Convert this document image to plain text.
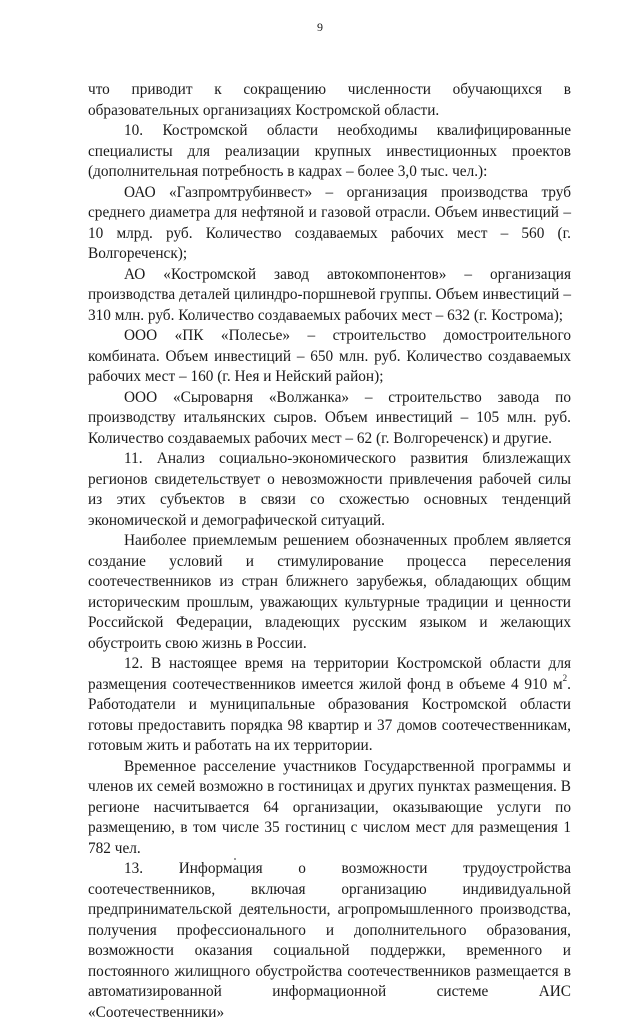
9

что приводит к сокращению численности обучающихся в образовательных организациях Костромской области.

10. Костромской области необходимы квалифицированные специалисты для реализации крупных инвестиционных проектов (дополнительная потребность в кадрах – более 3,0 тыс. чел.):

ОАО «Газпромтрубинвест» – организация производства труб среднего диаметра для нефтяной и газовой отрасли. Объем инвестиций – 10 млрд. руб. Количество создаваемых рабочих мест – 560 (г. Волгореченск);

АО «Костромской завод автокомпонентов» – организация производства деталей цилиндро-поршневой группы. Объем инвестиций – 310 млн. руб. Количество создаваемых рабочих мест – 632 (г. Кострома);

ООО «ПК «Полесье» – строительство домостроительного комбината. Объем инвестиций – 650 млн. руб. Количество создаваемых рабочих мест – 160 (г. Нея и Нейский район);

ООО «Сыроварня «Волжанка» – строительство завода по производству итальянских сыров. Объем инвестиций – 105 млн. руб. Количество создаваемых рабочих мест – 62 (г. Волгореченск) и другие.

11. Анализ социально-экономического развития близлежащих регионов свидетельствует о невозможности привлечения рабочей силы из этих субъектов в связи со схожестью основных тенденций экономической и демографической ситуаций.

Наиболее приемлемым решением обозначенных проблем является создание условий и стимулирование процесса переселения соотечественников из стран ближнего зарубежья, обладающих общим историческим прошлым, уважающих культурные традиции и ценности Российской Федерации, владеющих русским языком и желающих обустроить свою жизнь в России.

12. В настоящее время на территории Костромской области для размещения соотечественников имеется жилой фонд в объеме 4 910 $м^2$. Работодатели и муниципальные образования Костромской области готовы предоставить порядка 98 квартир и 37 домов соотечественникам, готовым жить и работать на их территории.

Временное расселение участников Государственной программы и членов их семей возможно в гостиницах и других пунктах размещения. В регионе насчитывается 64 организации, оказывающие услуги по размещению, в том числе 35 гостиниц с числом мест для размещения 1 782 чел.

13. Информация о возможности трудоустройства соотечественников, включая организацию индивидуальной предпринимательской деятельности, агропромышленного производства, получения профессионального и дополнительного образования, возможности оказания социальной поддержки, временного и постоянного жилищного обустройства соотечественников размещается в автоматизированной информационной системе АИС «Соотечественники»
